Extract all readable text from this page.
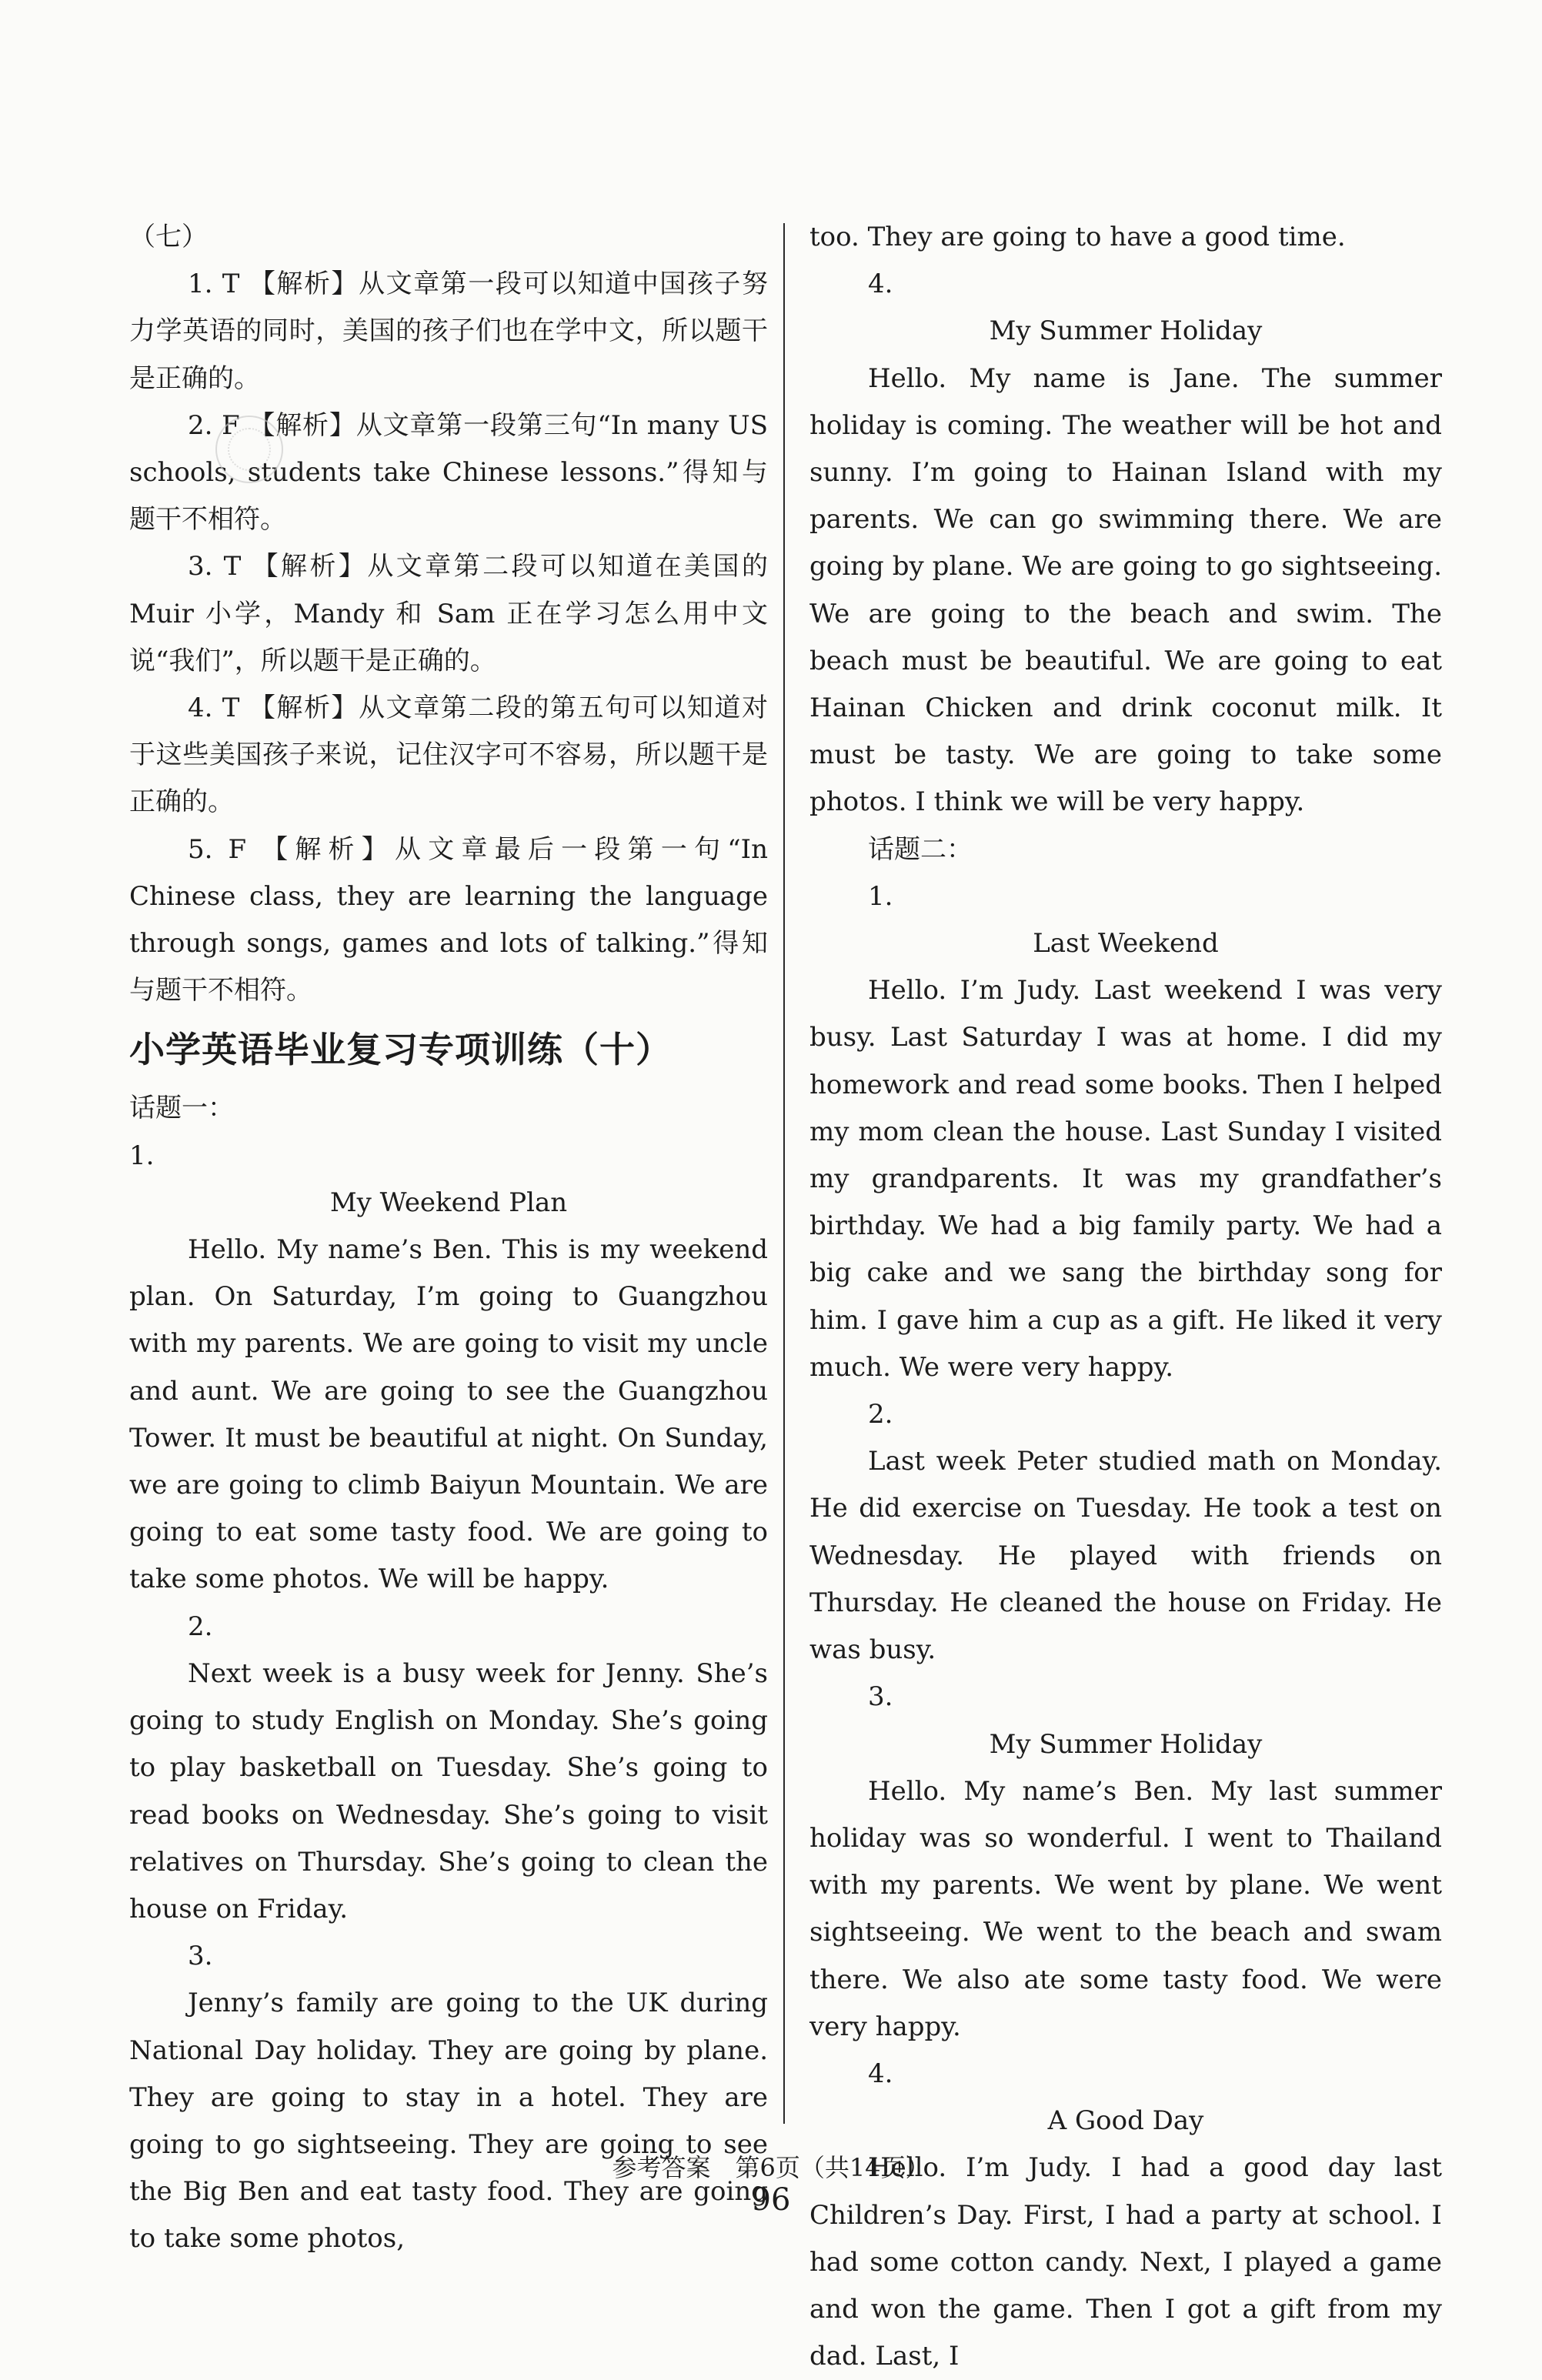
（七）

1. T 【解析】从文章第一段可以知道中国孩子努力学英语的同时，美国的孩子们也在学中文，所以题干是正确的。

2. F 【解析】从文章第一段第三句“In many US schools, students take Chinese lessons.”得知与题干不相符。

3. T 【解析】从文章第二段可以知道在美国的 Muir 小学，Mandy 和 Sam 正在学习怎么用中文说“我们”，所以题干是正确的。

4. T 【解析】从文章第二段的第五句可以知道对于这些美国孩子来说，记住汉字可不容易，所以题干是正确的。

5. F 【解析】从文章最后一段第一句“In Chinese class, they are learning the language through songs, games and lots of talking.”得知与题干不相符。

小学英语毕业复习专项训练（十）

话题一：

1.

My Weekend Plan

Hello. My name’s Ben. This is my weekend plan. On Saturday, I’m going to Guangzhou with my parents. We are going to visit my uncle and aunt. We are going to see the Guangzhou Tower. It must be beautiful at night. On Sunday, we are going to climb Baiyun Mountain. We are going to eat some tasty food. We are going to take some photos. We will be happy.

2.

Next week is a busy week for Jenny. She’s going to study English on Monday. She’s going to play basketball on Tuesday. She’s going to read books on Wednesday. She’s going to visit relatives on Thursday. She’s going to clean the house on Friday.

3.

Jenny’s family are going to the UK during National Day holiday. They are going by plane. They are going to stay in a hotel. They are going to go sightseeing. They are going to see the Big Ben and eat tasty food. They are going to take some photos,

too. They are going to have a good time.

4.

My Summer Holiday

Hello. My name is Jane. The summer holiday is coming. The weather will be hot and sunny. I’m going to Hainan Island with my parents. We can go swimming there. We are going by plane. We are going to go sightseeing. We are going to the beach and swim. The beach must be beautiful. We are going to eat Hainan Chicken and drink coconut milk. It must be tasty. We are going to take some photos. I think we will be very happy.

话题二：

1.

Last Weekend

Hello. I’m Judy. Last weekend I was very busy. Last Saturday I was at home. I did my homework and read some books. Then I helped my mom clean the house. Last Sunday I visited my grandparents. It was my grandfather’s birthday. We had a big family party. We had a big cake and we sang the birthday song for him. I gave him a cup as a gift. He liked it very much. We were very happy.

2.

Last week Peter studied math on Monday. He did exercise on Tuesday. He took a test on Wednesday. He played with friends on Thursday. He cleaned the house on Friday. He was busy.

3.

My Summer Holiday

Hello. My name’s Ben. My last summer holiday was so wonderful. I went to Thailand with my parents. We went by plane. We went sightseeing. We went to the beach and swam there. We also ate some tasty food. We were very happy.

4.

A Good Day

Hello. I’m Judy. I had a good day last Children’s Day. First, I had a party at school. I had some cotton candy. Next, I played a game and won the game. Then I got a gift from my dad. Last, I

参考答案　第6页（共14页）
96
